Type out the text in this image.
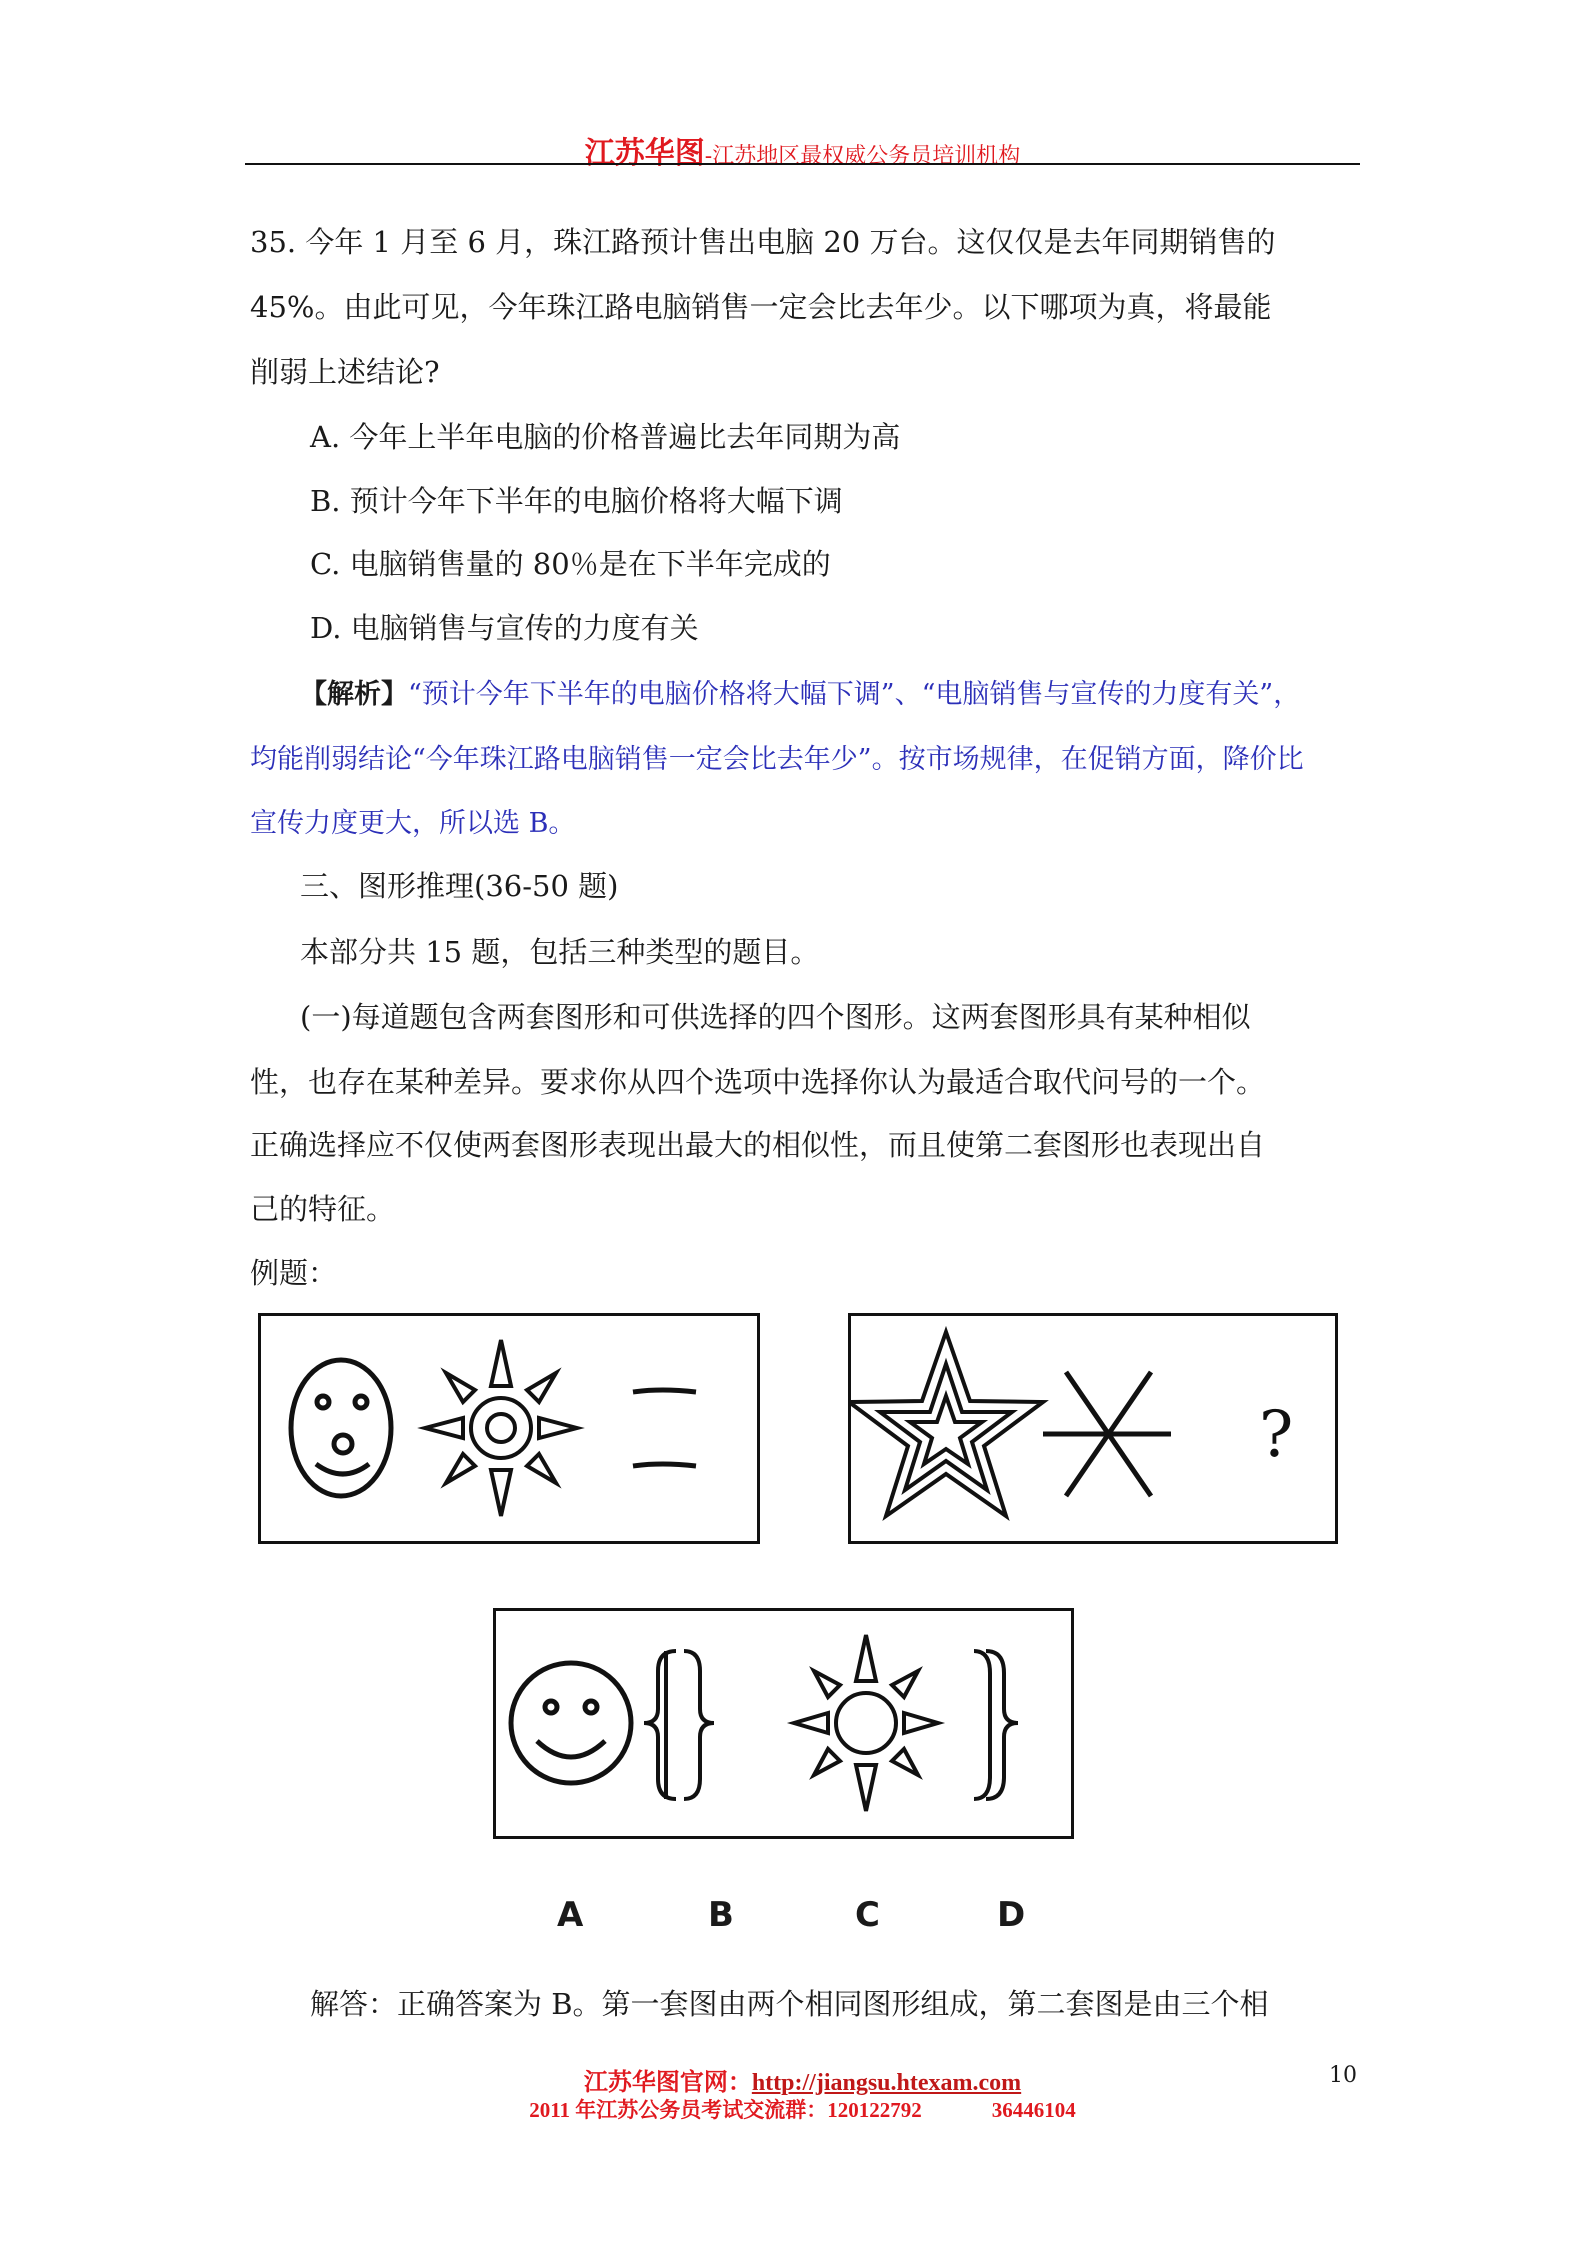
江苏华图-江苏地区最权威公务员培训机构
35. 今年 1 月至 6 月，珠江路预计售出电脑 20 万台。这仅仅是去年同期销售的
45%。由此可见，今年珠江路电脑销售一定会比去年少。以下哪项为真，将最能
削弱上述结论?
A. 今年上半年电脑的价格普遍比去年同期为高
B. 预计今年下半年的电脑价格将大幅下调
C. 电脑销售量的 80％是在下半年完成的
D. 电脑销售与宣传的力度有关
【解析】“预计今年下半年的电脑价格将大幅下调”、“电脑销售与宣传的力度有关”，
均能削弱结论“今年珠江路电脑销售一定会比去年少”。按市场规律，在促销方面，降价比
宣传力度更大，所以选 B。
三、图形推理(36-50 题)
本部分共 15 题，包括三种类型的题目。
(一)每道题包含两套图形和可供选择的四个图形。这两套图形具有某种相似
性，也存在某种差异。要求你从四个选项中选择你认为最适合取代问号的一个。
正确选择应不仅使两套图形表现出最大的相似性，而且使第二套图形也表现出自
己的特征。
例题：
?
A	B	C	D
解答：正确答案为 B。第一套图由两个相同图形组成，第二套图是由三个相
江苏华图官网：http://jiangsu.htexam.com
2011 年江苏公务员考试交流群：120122792	36446104
10
